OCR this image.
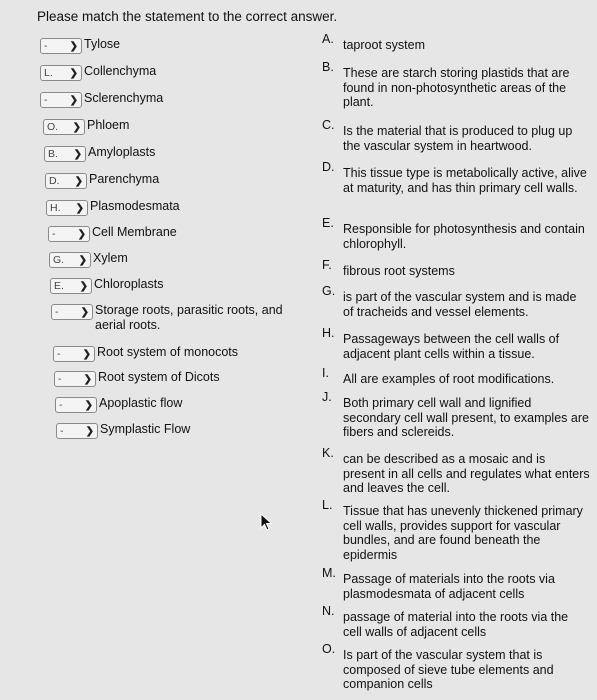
Please match the statement to the correct answer.
-	❯ Tylose
L.	❯ Collenchyma
-	❯ Sclerenchyma
O. ❯ Phloem
B. ❯ Amyloplasts
D. ❯ Parenchyma
H. ❯ Plasmodesmata
-	❯ Cell Membrane
G. ❯ Xylem
E. ❯ Chloroplasts
-	❯ Storage roots, parasitic roots, and aerial roots.
-	❯ Root system of monocots
-	❯ Root system of Dicots
-	❯ Apoplastic flow
-	❯ Symplastic Flow
A. taproot system
B. These are starch storing plastids that are found in non-photosynthetic areas of the plant.
C. Is the material that is produced to plug up the vascular system in heartwood.
D. This tissue type is metabolically active, alive at maturity, and has thin primary cell walls.
E. Responsible for photosynthesis and contain chlorophyll.
F. fibrous root systems
G. is part of the vascular system and is made of tracheids and vessel elements.
H. Passageways between the cell walls of adjacent plant cells within a tissue.
I. All are examples of root modifications.
J. Both primary cell wall and lignified secondary cell wall present, to examples are fibers and sclereids.
K. can be described as a mosaic and is present in all cells and regulates what enters and leaves the cell.
L. Tissue that has unevenly thickened primary cell walls, provides support for vascular bundles, and are found beneath the epidermis
M. Passage of materials into the roots via plasmodesmata of adjacent cells
N. passage of material into the roots via the cell walls of adjacent cells
O. Is part of the vascular system that is composed of sieve tube elements and companion cells
